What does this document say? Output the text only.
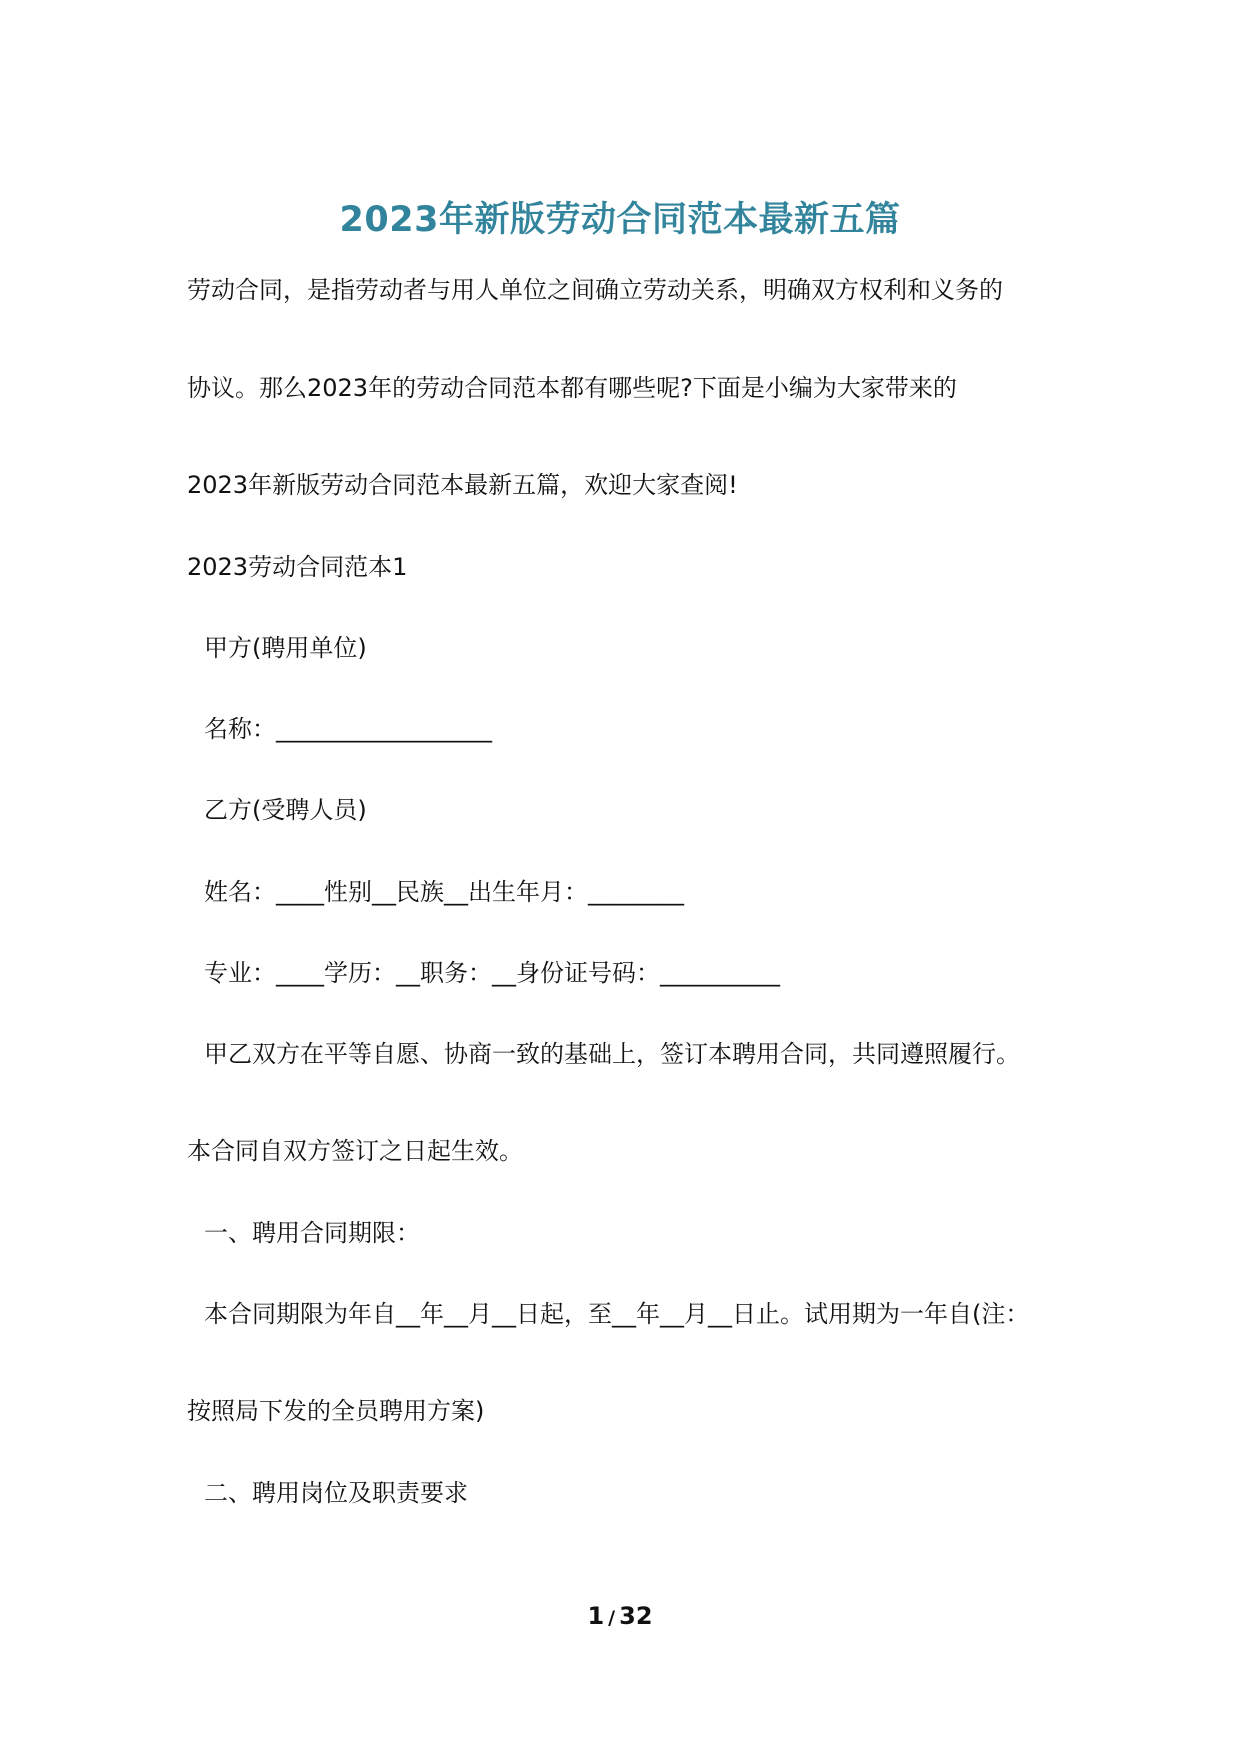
2023年新版劳动合同范本最新五篇
劳动合同，是指劳动者与用人单位之间确立劳动关系，明确双方权利和义务的
协议。那么2023年的劳动合同范本都有哪些呢?下面是小编为大家带来的
2023年新版劳动合同范本最新五篇，欢迎大家查阅!
2023劳动合同范本1
甲方(聘用单位)
名称：__________________
乙方(受聘人员)
姓名：____性别__民族__出生年月：________
专业：____学历：__职务：__身份证号码：__________
甲乙双方在平等自愿、协商一致的基础上，签订本聘用合同，共同遵照履行。
本合同自双方签订之日起生效。
一、聘用合同期限：
本合同期限为年自__年__月__日起，至__年__月__日止。试用期为一年自(注：
按照局下发的全员聘用方案)
二、聘用岗位及职责要求
1 / 32
